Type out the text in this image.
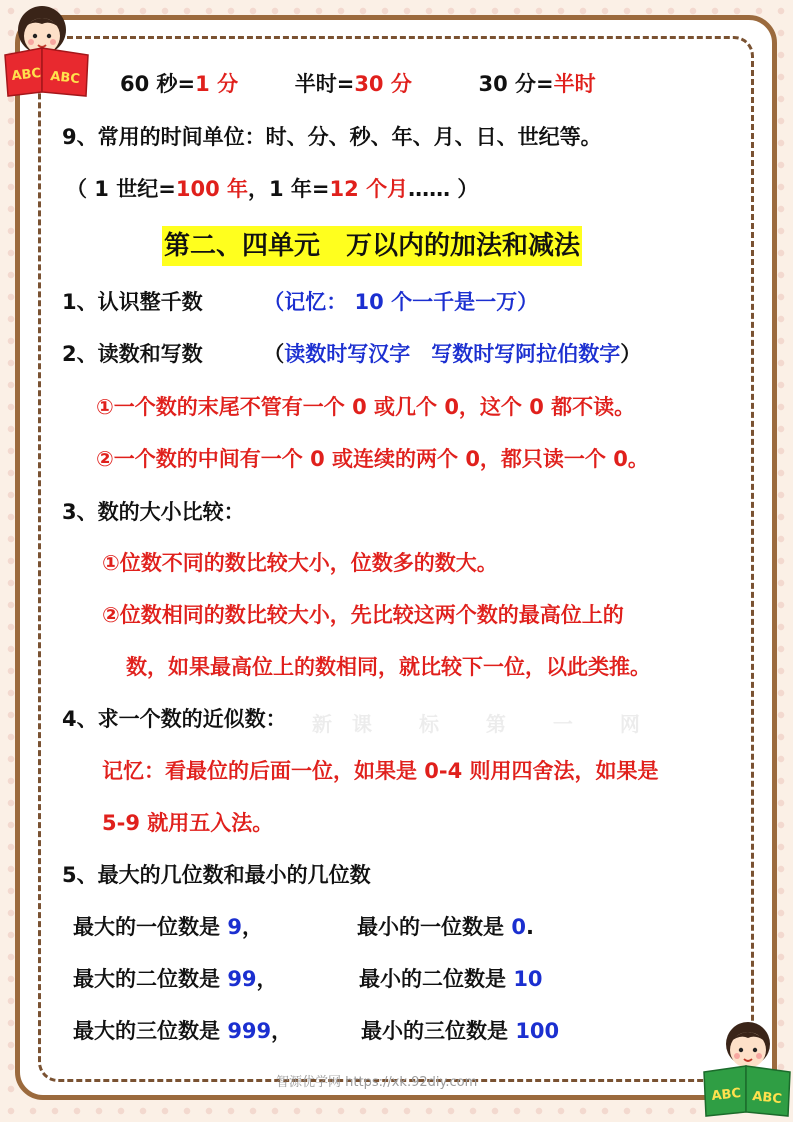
ABC ABC
ABC ABC
60 秒=1 分	半时=30 分	30 分=半时
9、常用的时间单位：时、分、秒、年、月、日、世纪等。
（ 1 世纪=100 年，1 年=12 个月…… ）
第二、四单元　万以内的加法和减法
1、认识整千数	（记忆： 10 个一千是一万）
2、读数和写数	（读数时写汉字　写数时写阿拉伯数字）
①一个数的末尾不管有一个 0 或几个 0，这个 0 都不读。
②一个数的中间有一个 0 或连续的两个 0，都只读一个 0。
3、数的大小比较：
①位数不同的数比较大小，位数多的数大。
②位数相同的数比较大小，先比较这两个数的最高位上的
数，如果最高位上的数相同，就比较下一位，以此类推。
4、求一个数的近似数： 新课 标 第 一 网
记忆：看最位的后面一位，如果是 0-4 则用四舍法，如果是
5-9 就用五入法。
5、最大的几位数和最小的几位数
最大的一位数是 9，	最小的一位数是 0.
最大的二位数是 99，	最小的二位数是 10
最大的三位数是 999，	最小的三位数是 100
智源优学网 https://xk.92diy.com
